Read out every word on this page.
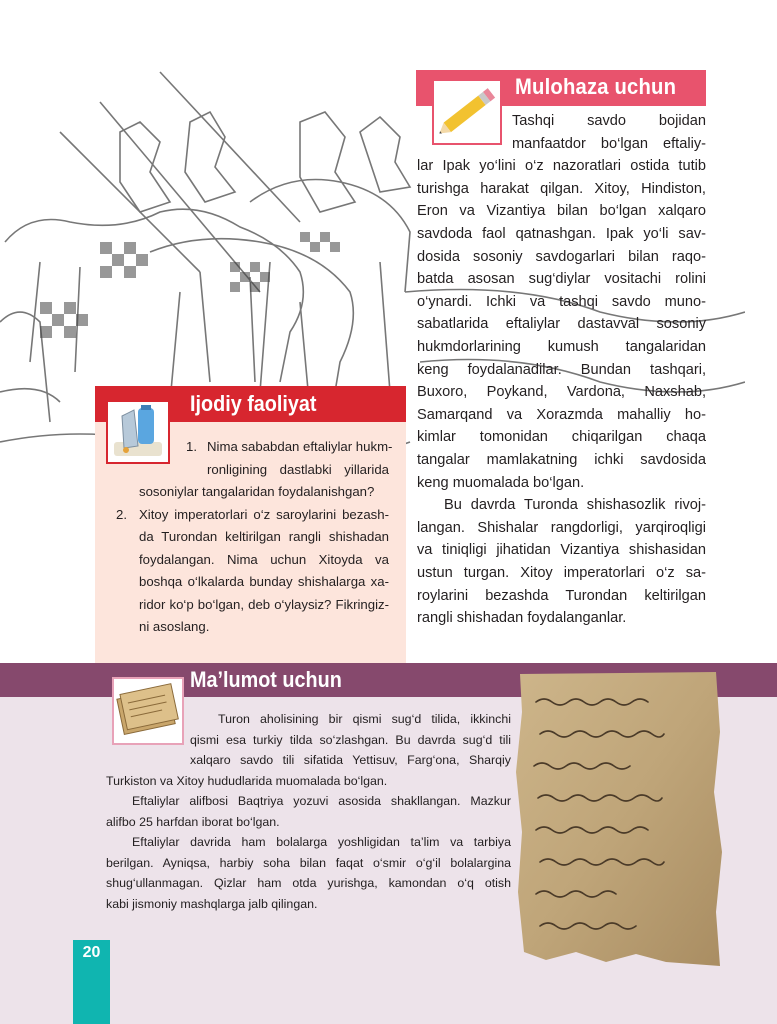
Mulohaza uchun
Tashqi savdo bojidan
manfaatdor bo‘lgan eftaliy-
lar Ipak yo‘lini o‘z nazoratlari ostida tutib
turishga harakat qilgan. Xitoy, Hindiston,
Eron va Vizantiya bilan bo‘lgan xalqaro
savdoda faol qatnashgan. Ipak yo‘li sav-
dosida sosoniy savdogarlari bilan raqo-
batda asosan sug‘diylar vositachi rolini
o‘ynardi. Ichki va tashqi savdo muno-
sabatlarida eftaliylar dastavval sosoniy
hukmdorlarining kumush tangalaridan
keng foydalanadilar. Bundan tashqari,
Buxoro, Poykand, Vardona, Naxshab,
Samarqand va Xorazmda mahalliy ho-
kimlar tomonidan chiqarilgan chaqa
tangalar mamlakatning ichki savdosida
keng muomalada bo‘lgan.
Bu davrda Turonda shishasozlik rivoj-
langan. Shishalar rangdorligi, yarqiroqligi
va tiniqligi jihatidan Vizantiya shishasidan
ustun turgan. Xitoy imperatorlari o‘z sa-
roylarini bezashda Turondan keltirilgan
rangli shishadan foydalanganlar.
Ijodiy faoliyat
1. Nima sababdan eftaliylar hukm-
ronligining dastlabki yillarida
sosoniylar tangalaridan foydalanishgan?
2. Xitoy imperatorlari o‘z saroylarini bezash-
da Turondan keltirilgan rangli shishadan
foydalangan. Nima uchun Xitoyda va
boshqa o‘lkalarda bunday shishalarga xa-
ridor ko‘p bo‘lgan, deb o‘ylaysiz? Fikringiz-
ni asoslang.
Ma’lumot uchun
Turon aholisining bir qismi sug‘d tilida, ikkinchi
qismi esa turkiy tilda so‘zlashgan. Bu davrda sug‘d tili
xalqaro savdo tili sifatida Yettisuv, Farg‘ona, Sharqiy
Turkiston va Xitoy hududlarida muomalada bo‘lgan.
Eftaliylar alifbosi Baqtriya yozuvi asosida shakllangan. Mazkur
alifbo 25 harfdan iborat bo‘lgan.
Eftaliylar davrida ham bolalarga yoshligidan ta’lim va tarbiya
berilgan. Ayniqsa, harbiy soha bilan faqat o‘smir o‘g‘il bolalargina
shug‘ullanmagan. Qizlar ham otda yurishga, kamondan o‘q otish
kabi jismoniy mashqlarga jalb qilingan.
20
